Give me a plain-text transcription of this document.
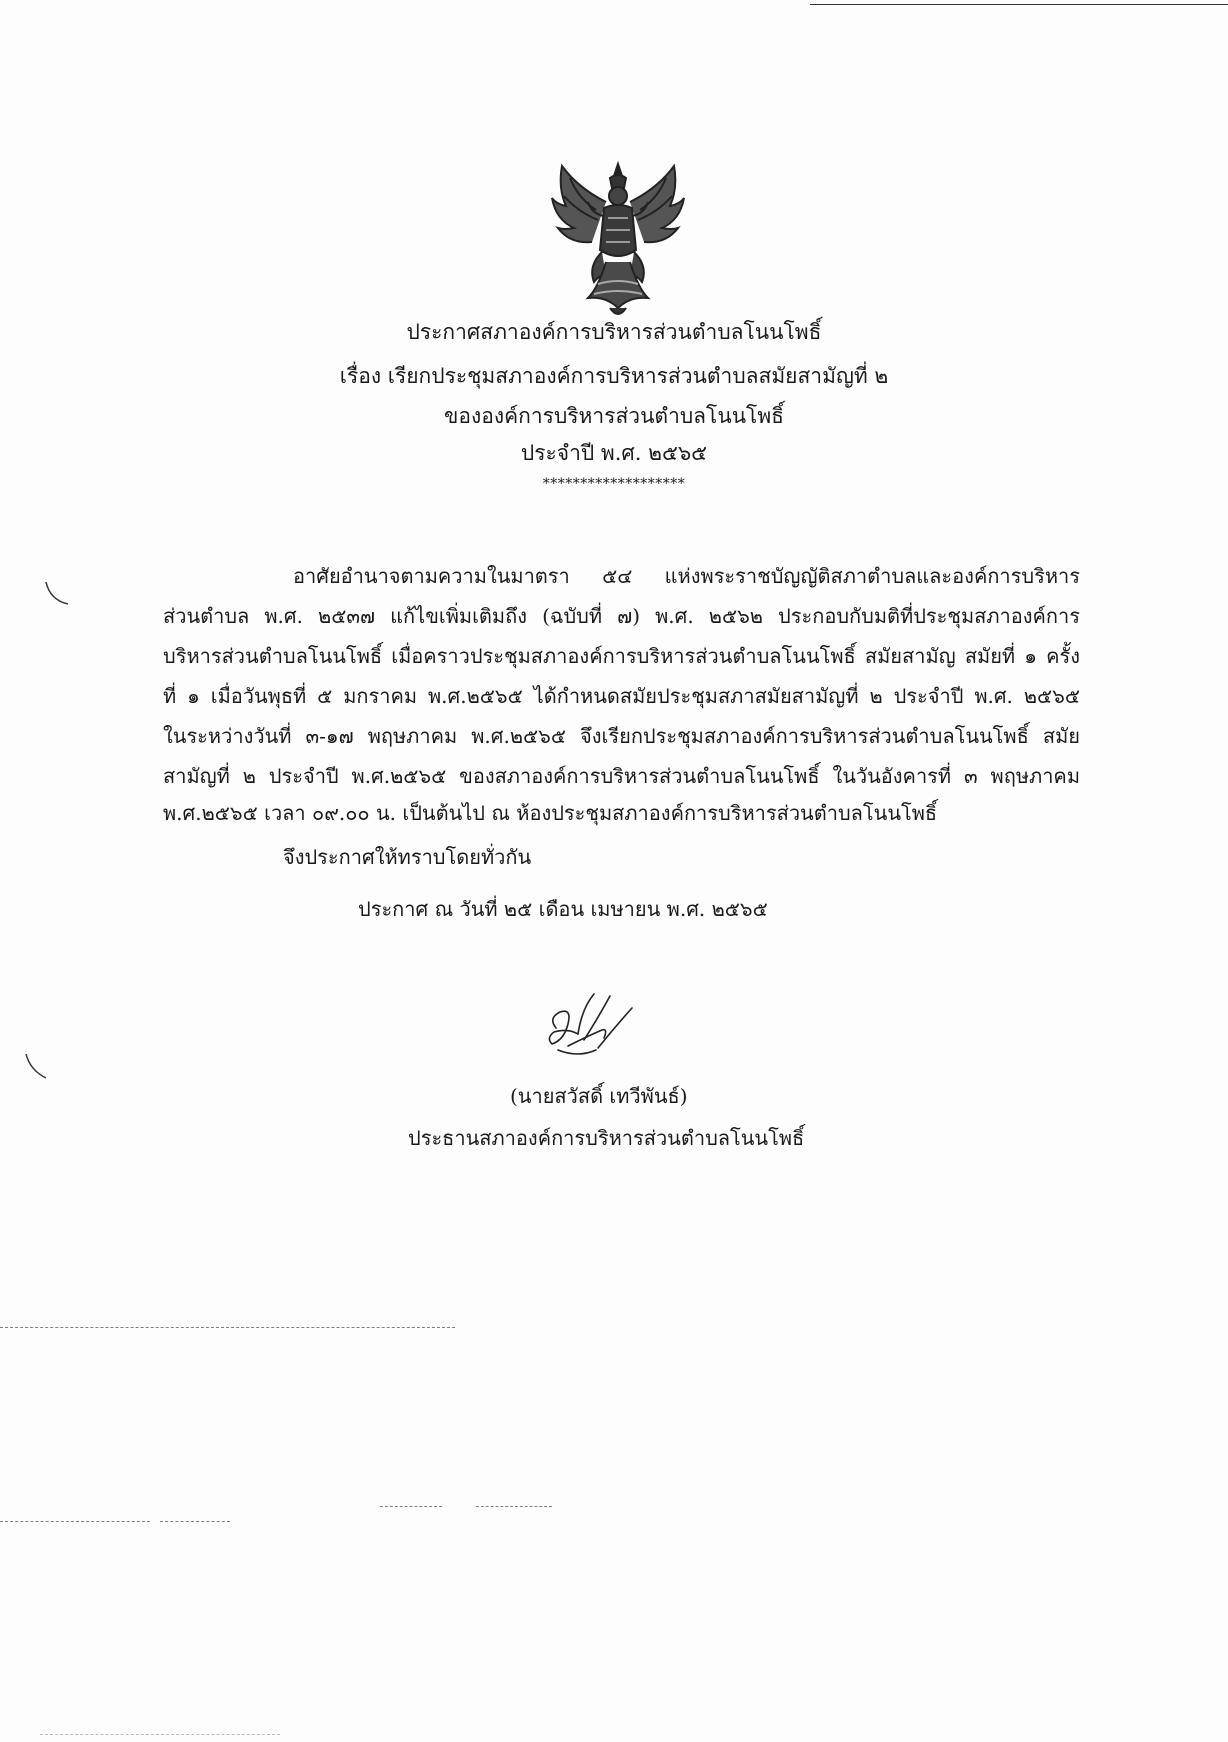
ประกาศสภาองค์การบริหารส่วนตำบลโนนโพธิ์
เรื่อง เรียกประชุมสภาองค์การบริหารส่วนตำบลสมัยสามัญที่ ๒
ขององค์การบริหารส่วนตำบลโนนโพธิ์
ประจำปี พ.ศ. ๒๕๖๕
*******************
อาศัยอำนาจตามความในมาตรา ๕๔ แห่งพระราชบัญญัติสภาตำบลและองค์การบริหาร
ส่วนตำบล พ.ศ. ๒๕๓๗ แก้ไขเพิ่มเติมถึง (ฉบับที่ ๗) พ.ศ. ๒๕๖๒ ประกอบกับมติที่ประชุมสภาองค์การ
บริหารส่วนตำบลโนนโพธิ์ เมื่อคราวประชุมสภาองค์การบริหารส่วนตำบลโนนโพธิ์ สมัยสามัญ สมัยที่ ๑ ครั้ง
ที่ ๑ เมื่อวันพุธที่ ๕ มกราคม พ.ศ.๒๕๖๕ ได้กำหนดสมัยประชุมสภาสมัยสามัญที่ ๒ ประจำปี พ.ศ. ๒๕๖๕
ในระหว่างวันที่ ๓-๑๗ พฤษภาคม พ.ศ.๒๕๖๕ จึงเรียกประชุมสภาองค์การบริหารส่วนตำบลโนนโพธิ์ สมัย
สามัญที่ ๒ ประจำปี พ.ศ.๒๕๖๕ ของสภาองค์การบริหารส่วนตำบลโนนโพธิ์ ในวันอังคารที่ ๓ พฤษภาคม
พ.ศ.๒๕๖๕ เวลา ๐๙.๐๐ น. เป็นต้นไป ณ ห้องประชุมสภาองค์การบริหารส่วนตำบลโนนโพธิ์
จึงประกาศให้ทราบโดยทั่วกัน
ประกาศ ณ วันที่ ๒๕ เดือน เมษายน พ.ศ. ๒๕๖๕
(นายสวัสดิ์ เทวีพันธ์)
ประธานสภาองค์การบริหารส่วนตำบลโนนโพธิ์
